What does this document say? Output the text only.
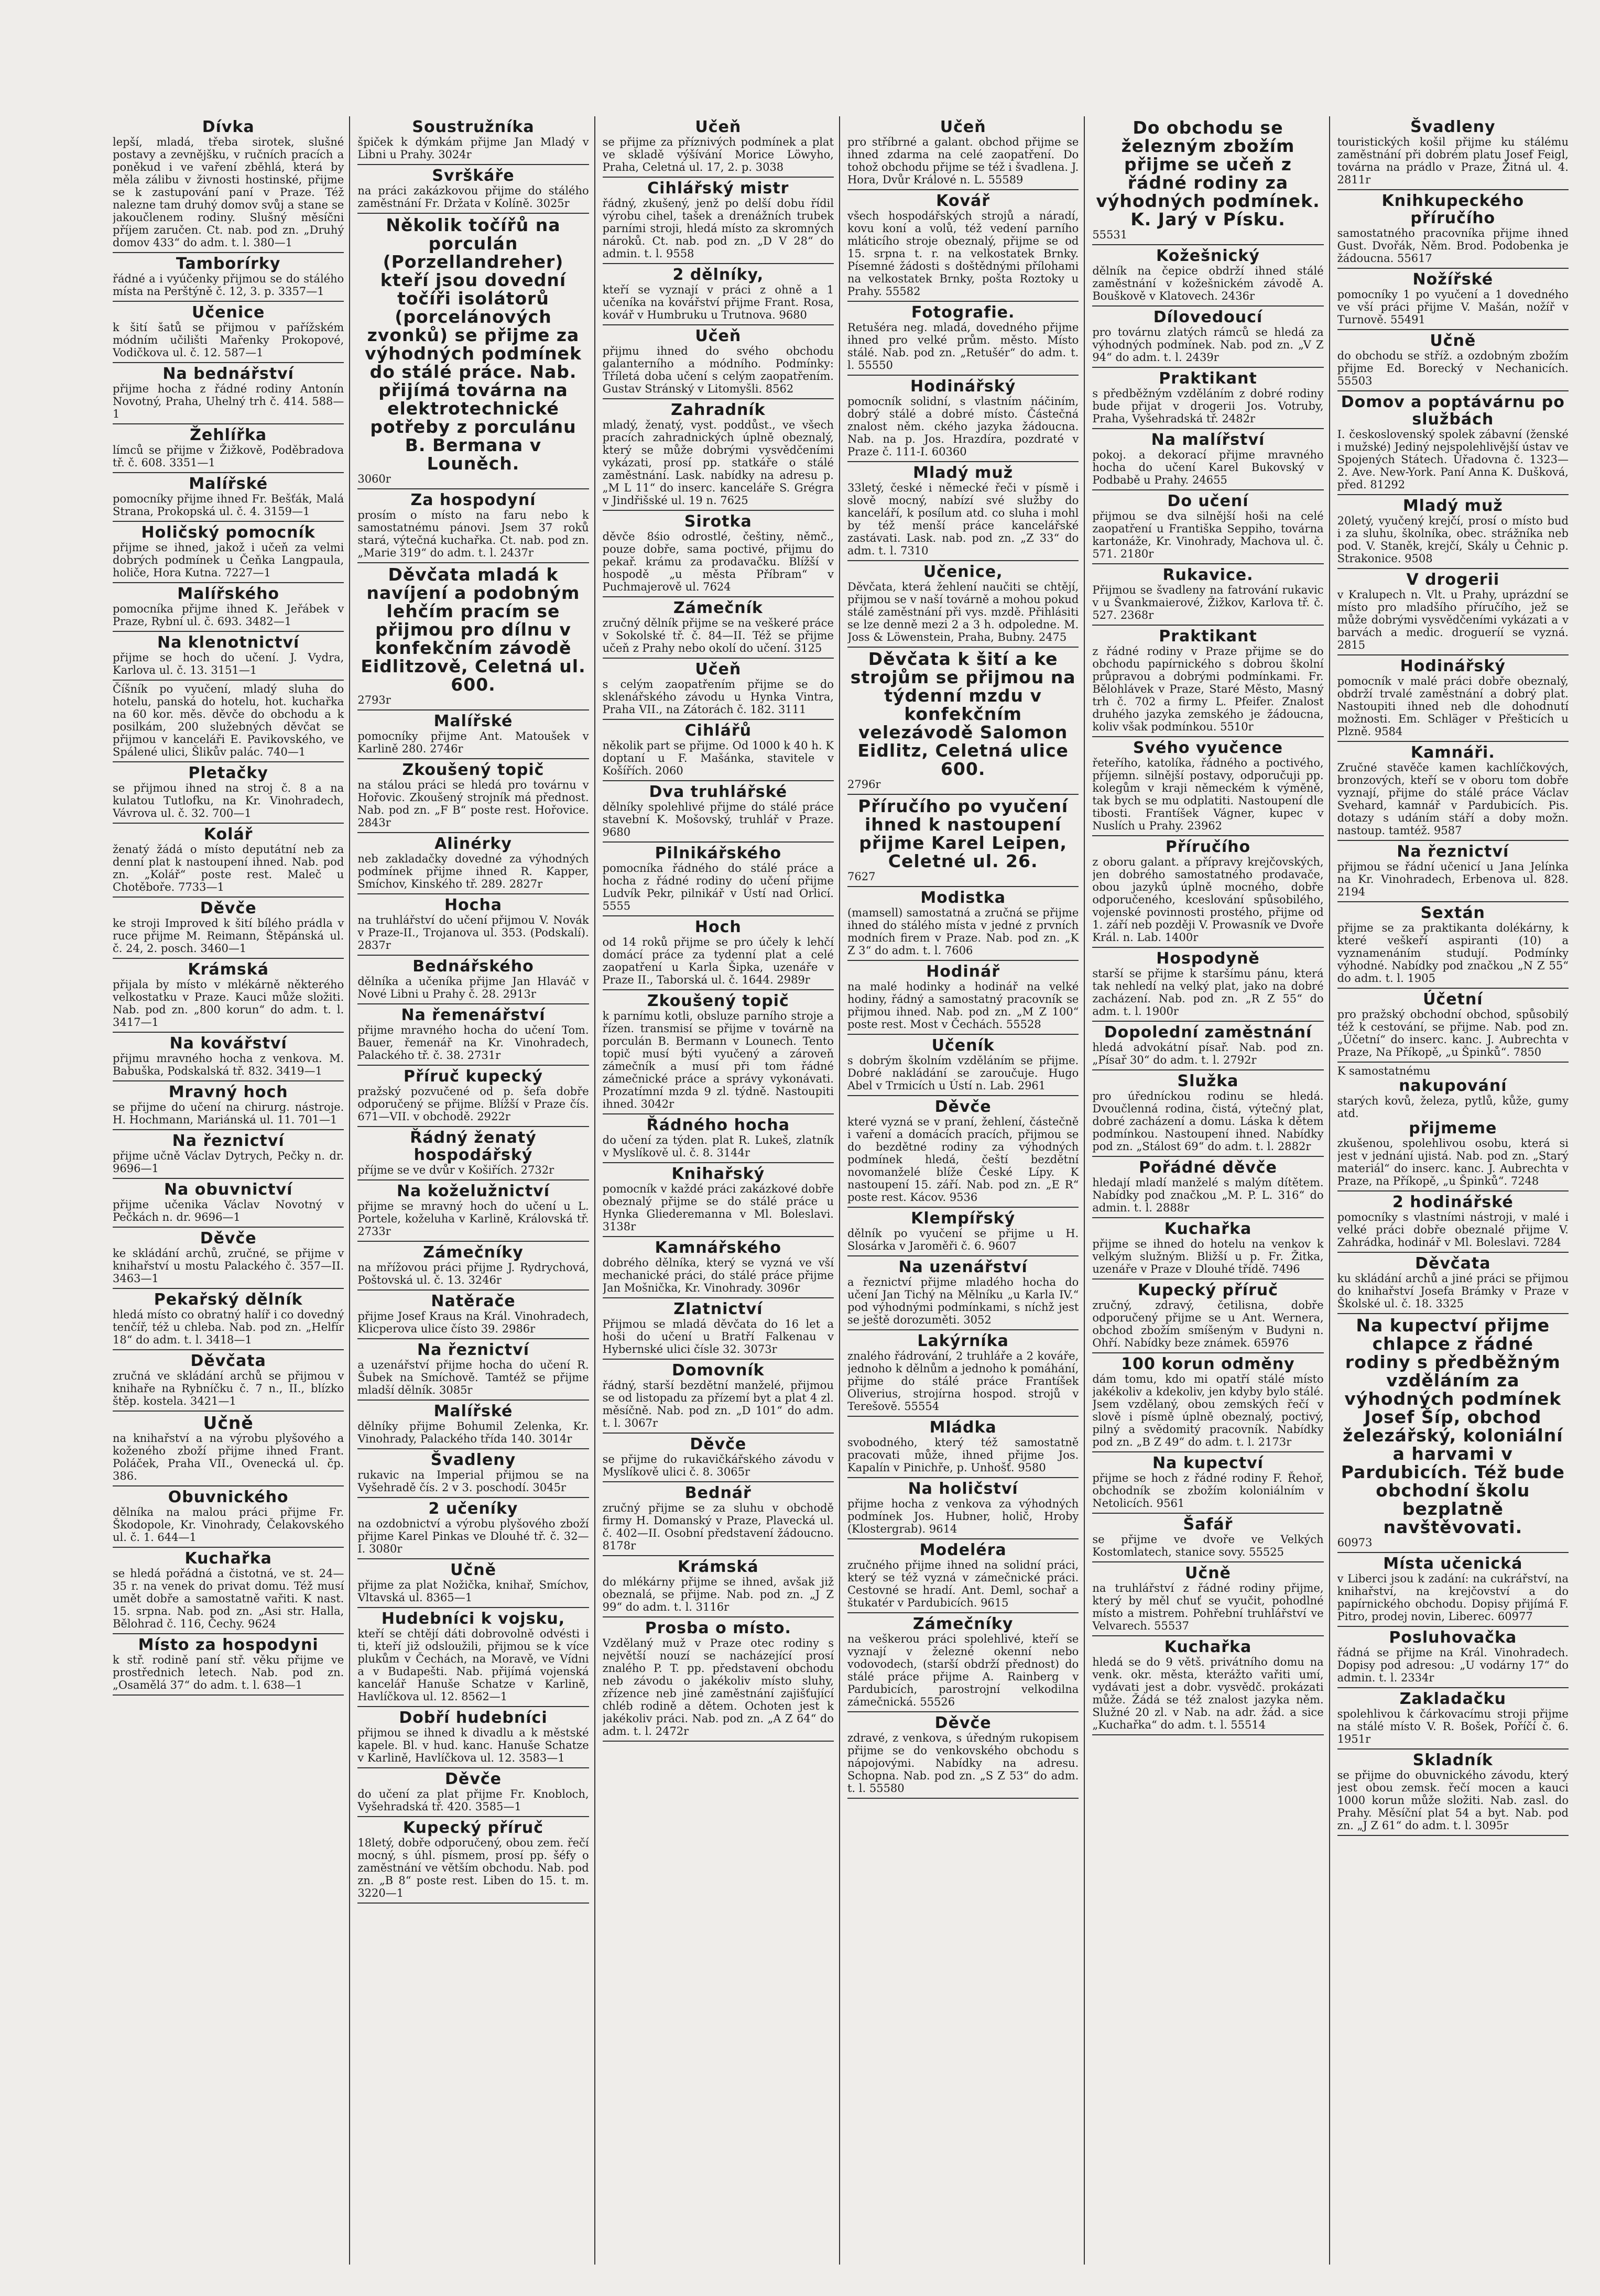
Dívka
lepší, mladá, třeba sirotek, slušné postavy a zevnějšku, v ručních pracích a poněkud i ve vaření zběhlá, která by měla zálibu v živnosti hostinské, přijme se k zastupování paní v Praze. Též nalezne tam druhý domov svůj a stane se jakoučlenem rodiny. Slušný měsíčni příjem zaručen. Ct. nab. pod zn. „Druhý domov 433“ do adm. t. l. 380—1
Tamborírky
řádné a i vyúčenky přijmou se do stálého místa na Perštýně č. 12, 3. p. 3357—1
Učenice
k šití šatů se přijmou v pařížském módním učilišti Mařenky Prokopové, Vodičkova ul. č. 12. 587—1
Na bednářství
přijme hocha z řádné rodiny Antonín Novotný, Praha, Uhelný trh č. 414. 588—1
Žehlířka
límců se přijme v Žižkově, Poděbradova tř. č. 608. 3351—1
Malířské
pomocníky přijme ihned Fr. Bešťák, Malá Strana, Prokopská ul. č. 4. 3159—1
Holičský pomocník
přijme se ihned, jakož i učeň za velmi dobrých podmínek u Čeňka Langpaula, holiče, Hora Kutna. 7227—1
Malířského
pomocníka přijme ihned K. Jeřábek v Praze, Rybní ul. č. 693. 3482—1
Na klenotnictví
přijme se hoch do učení. J. Vydra, Karlova ul. č. 13. 3151—1
Číšník po vyučení, mladý sluha do hotelu, panská do hotelu, hot. kuchařka na 60 kor. měs. děvče do obchodu a k posilkám, 200 služebných děvčat se přijmou v kanceláři E. Pavikovského, ve Spálené ulici, Šlikův palác. 740—1
Pletačky
se přijmou ihned na stroj č. 8 a na kulatou Tutlofku, na Kr. Vinohradech, Vávrova ul. č. 32. 700—1
Kolář
ženatý žádá o místo deputátní neb za denní plat k nastoupení ihned. Nab. pod zn. „Kolář“ poste rest. Maleč u Chotěboře. 7733—1
Děvče
ke stroji Improved k šití bílého prádla v ruce přijme M. Reimann, Štěpánská ul. č. 24, 2. posch. 3460—1
Krámská
přijala by místo v mlékárně některého velkostatku v Praze. Kauci může složiti. Nab. pod zn. „800 korun“ do adm. t. l. 3417—1
Na kovářství
přijmu mravného hocha z venkova. M. Babuška, Podskalská tř. 832. 3419—1
Mravný hoch
se přijme do učení na chirurg. nástroje. H. Hochmann, Mariánská ul. 11. 701—1
Na řeznictví
přijme učně Václav Dytrych, Pečky n. dr. 9696—1
Na obuvnictví
přijme učenika Václav Novotný v Pečkách n. dr. 9696—1
Děvče
ke skládání archů, zručné, se přijme v knihařství u mostu Palackého č. 357—II. 3463—1
Pekařský dělník
hledá místo co obratný halíř i co dovedný tenčíř, též u chleba. Nab. pod zn. „Helfír 18“ do adm. t. l. 3418—1
Děvčata
zručná ve skládání archů se přijmou v knihaře na Rybníčku č. 7 n., II., blízko štěp. kostela. 3421—1
Učně
na knihařství a na výrobu plyšového a koženého zboží přijme ihned Frant. Poláček, Praha VII., Ovenecká ul. čp. 386.
Obuvnického
dělníka na malou práci přijme Fr. Škodopole, Kr. Vinohrady, Čelakovského ul. č. 1. 644—1
Kuchařka
se hledá pořádná a čistotná, ve st. 24—35 r. na venek do privat domu. Též musí umět dobře a samostatně vařiti. K nast. 15. srpna. Nab. pod zn. „Asi str. Halla, Bělohrad č. 116, Čechy. 9624
Místo za hospodyni
k stř. rodině paní stř. věku přijme ve prostřednich letech. Nab. pod zn. „Osamělá 37“ do adm. t. l. 638—1
Soustružníka
špiček k dýmkám přijme Jan Mladý v Libni u Prahy. 3024r
Svrškáře
na práci zakázkovou přijme do stálého zaměstnání Fr. Držata v Kolíně. 3025r
Několik točířů na porculán (Porzellandreher) kteří jsou dovední točíři isolátorů (porcelánových zvonků) se přijme za výhodných podmínek do stálé práce. Nab. přijímá továrna na elektrotechnické potřeby z porculánu B. Bermana v Louněch.
3060r
Za hospodyní
prosím o místo na faru nebo k samostatnému pánovi. Jsem 37 roků stará, výtečná kuchařka. Ct. nab. pod zn. „Marie 319“ do adm. t. l. 2437r
Děvčata mladá k navíjení a podobným lehčím pracím se přijmou pro dílnu v konfekčním závodě Eidlitzově, Celetná ul. 600.
2793r
Malířské
pomocníky přijme Ant. Matoušek v Karlině 280. 2746r
Zkoušený topič
na stálou práci se hledá pro továrnu v Hořovic. Zkoušený strojník má přednost. Nab. pod zn. „F B“ poste rest. Hořovice. 2843r
Alinérky
neb zakladačky dovedné za výhodných podmínek přijme ihned R. Kapper, Smíchov, Kinského tř. 289. 2827r
Hocha
na truhlářství do učení přijmou V. Novák v Praze-II., Trojanova ul. 353. (Podskalí). 2837r
Bednářského
dělníka a učeníka přijme Jan Hlaváč v Nové Libni u Prahy č. 28. 2913r
Na řemenářství
přijme mravného hocha do učení Tom. Bauer, řemenář na Kr. Vinohradech, Palackého tř. č. 38. 2731r
Příruč kupecký
pražský pozvučené od p. šefa dobře odporučený se přijme. Blížší v Praze čís. 671—VII. v obchodě. 2922r
Řádný ženatý hospodářský
příjme se ve dvůr v Košiřích. 2732r
Na koželužnictví
přijme se mravný hoch do učení u L. Portele, koželuha v Karlině, Královská tř. 2733r
Zámečníky
na mřížovou práci přijme J. Rydrychová, Poštovská ul. č. 13. 3246r
Natěrače
přijme Josef Kraus na Král. Vinohradech, Klicperova ulice čísto 39. 2986r
Na řeznictví
a uzenářství přijme hocha do učení R. Šubek na Smíchově. Tamtéž se přijme mladší dělník. 3085r
Malířské
dělníky přijme Bohumil Zelenka, Kr. Vinohrady, Palackého třída 140. 3014r
Švadleny
rukavic na Imperial přijmou se na Vyšehradě čís. 2 v 3. poschodí. 3045r
2 učeníky
na ozdobnictví a výrobu plyšového zboží přijme Karel Pinkas ve Dlouhé tř. č. 32—I. 3080r
Učně
přijme za plat Nožička, knihař, Smíchov, Vltavská ul. 8365—1
Hudebníci k vojsku,
kteří se chtějí dáti dobrovolně odvésti i ti, kteří již odsloužili, přijmou se k více plukům v Čechách, na Moravě, ve Vídni a v Budapešti. Nab. přijímá vojenská kancelář Hanuše Schatze v Karlině, Havlíčkova ul. 12. 8562—1
Dobří hudebníci
přijmou se ihned k divadlu a k městské kapele. Bl. v hud. kanc. Hanuše Schatze v Karlině, Havlíčkova ul. 12. 3583—1
Děvče
do učení za plat přijme Fr. Knobloch, Vyšehradská tř. 420. 3585—1
Kupecký příruč
18letý, dobře odporučený, obou zem. řečí mocný, s úhl. písmem, prosí pp. šéfy o zaměstnání ve větším obchodu. Nab. pod zn. „B 8“ poste rest. Liben do 15. t. m. 3220—1
Učeň
se přijme za příznivých podmínek a plat ve skladě výšívání Morice Löwyho, Praha, Celetná ul. 17, 2. p. 3038
Cihlářský mistr
řádný, zkušený, jenž po delší dobu řídil výrobu cihel, tašek a drenážních trubek parními stroji, hledá místo za skromných nároků. Ct. nab. pod zn. „D V 28“ do admin. t. l. 9558
2 dělníky,
kteří se vyznají v práci z ohně a 1 učeníka na kovářství přijme Frant. Rosa, kovář v Humbruku u Trutnova. 9680
Učeň
přijmu ihned do svého obchodu galanterního a módního. Podmínky: Tříletá doba učení s celým zaopatřením. Gustav Stránský v Litomyšli. 8562
Zahradník
mladý, ženatý, vyst. poddůst., ve všech pracích zahradnických úplně obeznalý, který se může dobrými vysvědčeními vykázati, prosí pp. statkáře o stálé zaměstnání. Lask. nabídky na adresu p. „M L 11“ do inserc. kanceláře S. Grégra v Jindřišské ul. 19 n. 7625
Sirotka
děvče 8śio odrostlé, češtiny, němč., pouze dobře, sama poctivé, přijmu do pekař. krámu za prodavačku. Blížší v hospodě „u města Příbram“ v Puchmajerově ul. 7624
Zámečník
zručný dělník přijme se na veškeré práce v Sokolské tř. č. 84—II. Též se přijme učeň z Prahy nebo okolí do učení. 3125
Učeň
s celým zaopatřením přijme se do sklenářského závodu u Hynka Vintra, Praha VII., na Zátorách č. 182. 3111
Cihlářů
několik part se přijme. Od 1000 k 40 h. K doptaní u F. Mašánka, stavitele v Košířích. 2060
Dva truhlářské
dělníky spolehlivé přijme do stálé práce stavební K. Mošovský, truhlář v Praze. 9680
Pilnikářského
pomocníka řádného do stálé práce a hocha z řádné rodiny do učení přijme Ludvík Pekr, pilnikář v Ústí nad Orlicí. 5555
Hoch
od 14 roků přijme se pro účely k lehčí domácí práce za tydenní plat a celé zaopatření u Karla Šipka, uzenáře v Praze II., Taborská ul. č. 1644. 2989r
Zkoušený topič
k parnímu kotli, obsluze parního stroje a řízen. transmisí se přijme v továrně na porculán B. Bermann v Lounech. Tento topič musí býti vyučený a zároveň zámečník a musí při tom řádné zámečnické práce a správy vykonávati. Prozatímní mzda 9 zl. týdně. Nastoupiti ihned. 3042r
Řádného hocha
do učení za týden. plat R. Lukeš, zlatník v Myslíkově ul. č. 8. 3144r
Knihařský
pomocník v každé práci zakázkové dobře obeznalý přijme se do stálé práce u Hynka Gliederemanna v Ml. Boleslavi. 3138r
Kamnářského
dobrého dělníka, který se vyzná ve vší mechanické práci, do stálé práce přijme Jan Mošnička, Kr. Vinohrady. 3096r
Zlatnictví
Přijmou se mladá děvčata do 16 let a hoši do učení u Bratří Falkenau v Hybernské ulici čísle 32. 3073r
Domovník
řádný, starší bezdětní manželé, přijmou se od listopadu za přízemí byt a plat 4 zl. měsíčně. Nab. pod zn. „D 101“ do adm. t. l. 3067r
Děvče
se přijme do rukavičkářského závodu v Myslíkově ulici č. 8. 3065r
Bednář
zručný přijme se za sluhu v obchodě firmy H. Domanský v Praze, Plavecká ul. č. 402—II. Osobní představení žádoucno. 8178r
Krámská
do mlékárny přijme se ihned, avšak již obeznalá, se přijme. Nab. pod zn. „J Z 99“ do adm. t. l. 3116r
Prosba o místo.
Vzdělaný muž v Praze otec rodiny s největší nouzí se nacházející prosí znalého P. T. pp. představení obchodu neb závodu o jakékoliv místo sluhy, zřízence neb jiné zaměstnání zajišťující chléb rodině a dětem. Ochoten jest k jakékoliv práci. Nab. pod zn. „A Z 64“ do adm. t. l. 2472r
Učeň
pro stříbrné a galant. obchod přijme se ihned zdarma na celé zaopatření. Do tohož obchodu přijme se též i švadlena. J. Hora, Dvůr Králové n. L. 55589
Kovář
všech hospodářských strojů a náradí, kovu koní a volů, též vedení parního mláticího stroje obeznalý, přijme se od 15. srpna t. r. na velkostatek Brnky. Písemné žádosti s doštědnými přílohami na velkostatek Brnky, pošta Roztoky u Prahy. 55582
Fotografie.
Retušéra neg. mladá, dovedného přijme ihned pro velké prům. město. Místo stálé. Nab. pod zn. „Retušér“ do adm. t. l. 55550
Hodinářský
pomocník solidní, s vlastním náčiním, dobrý stálé a dobré místo. Částečná znalost něm. ckého jazyka žádoucna. Nab. na p. Jos. Hrazdíra, pozdraté v Praze č. 111-I. 60360
Mladý muž
33letý, české i německé řeči v písmě i slově mocný, nabízí své služby do kanceláří, k posílum atd. co sluha i mohl by též menší práce kancelářské zastávati. Lask. nab. pod zn. „Z 33“ do adm. t. l. 7310
Učenice,
Děvčata, která žehlení naučiti se chtějí, přijmou se v naší továrně a mohou pokud stálé zaměstnání při vys. mzdě. Přihlásiti se lze denně mezi 2 a 3 h. odpoledne. M. Joss & Löwenstein, Praha, Bubny. 2475
Děvčata k šití a ke strojům se přijmou na týdenní mzdu v konfekčním velezávodě Salomon Eidlitz, Celetná ulice 600.
2796r
Příručího po vyučení ihned k nastoupení přijme Karel Leipen, Celetné ul. 26.
7627
Modistka
(mamsell) samostatná a zručná se přijme ihned do stálého místa v jedné z prvních modních firem v Praze. Nab. pod zn. „K Z 3“ do adm. t. l. 7606
Hodinář
na malé hodinky a hodinář na velké hodiny, řádný a samostatný pracovník se přijmou ihned. Nab. pod zn. „M Z 100“ poste rest. Most v Čechách. 55528
Učeník
s dobrým školním vzděláním se přijme. Dobré nakládání se zaroučuje. Hugo Abel v Trmicích u Ústí n. Lab. 2961
Děvče
které vyzná se v praní, žehlení, částečně i vaření a domácích pracích, přijmou se do bezdětné rodiny za výhodných podmínek hledá, čeští bezdětní novomanželé blíže České Lípy. K nastoupení 15. září. Nab. pod zn. „E R“ poste rest. Kácov. 9536
Klempířský
dělník po vyučení se přijme u H. Slosárka v Jaroměři č. 6. 9607
Na uzenářství
a řeznictví přijme mladého hocha do učení Jan Tichý na Mělníku „u Karla IV.“ pod výhodnými podmínkami, s níchž jest se ještě dorozuměti. 3052
Lakýrníka
znalého řádrování, 2 truhláře a 2 kováře, jednoho k dělnům a jednoho k pomáhání, přijme do stálé práce Frantíšek Oliverius, strojírna hospod. strojů v Terešově. 55554
Mládka
svobodného, který též samostatně pracovati může, ihned přijme Jos. Kapalín v Pinichře, p. Unhošť. 9580
Na holičství
přijme hocha z venkova za výhodných podmínek Jos. Hubner, holič, Hroby (Klostergrab). 9614
Modeléra
zručného přijme ihned na solidní práci, který se též vyzná v zámečnické práci. Cestovné se hradí. Ant. Deml, sochař a štukatér v Pardubicích. 9615
Zámečníky
na veškerou práci spolehlivé, kteří se vyznají v železné okenní nebo vodovodech, (starší obdrží přednost) do stálé práce přijme A. Rainberg v Pardubicích, parostrojní velkodilna zámečnická. 55526
Děvče
zdravé, z venkova, s úředným rukopisem přijme se do venkovského obchodu s nápojovými. Nabídky na adresu. Schopna. Nab. pod zn. „S Z 53“ do adm. t. l. 55580
Do obchodu se železným zbožím přijme se učeň z řádné rodiny za výhodných podmínek. K. Jarý v Písku.
55531
Kožešnický
dělník na čepice obdrží ihned stálé zaměstnání v kožešnickém závodě A. Bouškově v Klatovech. 2436r
Dílovedoucí
pro továrnu zlatých rámců se hledá za výhodných podmínek. Nab. pod zn. „V Z 94“ do adm. t. l. 2439r
Praktikant
s předběžným vzděláním z dobré rodiny bude přijat v drogerii Jos. Votruby, Praha, Vyšehradská tř. 2482r
Na malířství
pokoj. a dekorací přijme mravného hocha do učení Karel Bukovský v Podbabě u Prahy. 24655
Do učení
přijmou se dva silnější hoši na celé zaopatření u Františka Seppiho, továrna kartonáže, Kr. Vinohrady, Machova ul. č. 571. 2180r
Rukavice.
Přijmou se švadleny na fatrování rukavic v u Švankmaierové, Žižkov, Karlova tř. č. 527. 2368r
Praktikant
z řádné rodiny v Praze přijme se do obchodu papírnického s dobrou školní průpravou a dobrými podmínkami. Fr. Bělohlávek v Praze, Staré Město, Masný trh č. 702 a firmy L. Pfeifer. Znalost druhého jazyka zemského je žádoucna, koliv však podmínkou. 5510r
Svého vyučence
řeteřího, katolíka, řádného a poctivého, příjemn. silnější postavy, odporučuji pp. kolegům v kraji německém k výměně, tak bych se mu odplatiti. Nastoupení dle tibosti. Frantíšek Vágner, kupec v Nuslích u Prahy. 23962
Příručího
z oboru galant. a přípravy krejčovských, jen dobrého samostatného prodavače, obou jazyků úplně mocného, dobře odporučeného, kceslování spůsobilého, vojenské povinnosti prostého, přijme od 1. září neb později V. Prowasník ve Dvoře Král. n. Lab. 1400r
Hospodyně
starší se přijme k staršímu pánu, která tak nehledí na velký plat, jako na dobré zacházení. Nab. pod zn. „R Z 55“ do adm. t. l. 1900r
Dopolední zaměstnání
hledá advokátní písař. Nab. pod zn. „Písař 30“ do adm. t. l. 2792r
Služka
pro úředníckou rodinu se hledá. Dvoučlenná rodina, čistá, výtečný plat, dobré zacházení a domu. Láska k dětem podmínkou. Nastoupení ihned. Nabídky pod zn. „Stálost 69“ do adm. t. l. 2882r
Pořádné děvče
hledají mladí manželé s malým dítětem. Nabídky pod značkou „M. P. L. 316“ do admin. t. l. 2888r
Kuchařka
přijme se ihned do hotelu na venkov k velkým služným. Bližší u p. Fr. Žitka, uzenáře v Praze v Dlouhé třídě. 7496
Kupecký příruč
zručný, zdravý, četilisna, dobře odporučený přijme se u Ant. Wernera, obchod zbožím smíšeným v Budyni n. Ohří. Nabídky beze známek. 65976
100 korun odměny
dám tomu, kdo mi opatří stálé místo jakékoliv a kdekoliv, jen kdyby bylo stálé. Jsem vzdělaný, obou zemských řečí v slově i písmě úplně obeznalý, poctivý, pilný a svědomitý pracovník. Nabídky pod zn. „B Z 49“ do adm. t. l. 2173r
Na kupectví
přijme se hoch z řádné rodiny F. Řehoř, obchodník se zbožím koloniálním v Netolicích. 9561
Šafář
se přijme ve dvoře ve Velkých Kostomlatech, stanice sovy. 55525
Učně
na truhlářství z řádné rodiny přijme, který by měl chuť se vyučit, pohodlné místo a mistrem. Pohřební truhlářství ve Velvarech. 55537
Kuchařka
hledá se do 9 větš. privátního domu na venk. okr. města, kterážto vařiti umí, vydávati jest a dobr. vysvědč. prokázati může. Žádá se též znalost jazyka něm. Služné 20 zl. v Nab. na adr. žád. a sice „Kuchařka“ do adm. t. l. 55514
Švadleny
touristických košil přijme ku stálému zaměstnání při dobrém platu Josef Feigl, továrna na prádlo v Praze, Žitná ul. 4. 2811r
Knihkupeckého příručího
samostatného pracovníka přijme ihned Gust. Dvořák, Něm. Brod. Podobenka je žádoucna. 55617
Nožířské
pomocníky 1 po vyučení a 1 dovedného ve vší práci přijme V. Mašán, nožíř v Turnově. 55491
Učně
do obchodu se stříž. a ozdobným zbožím přijme Ed. Borecký v Nechanicích. 55503
Domov a poptávárnu po službách
I. československý spolek zábavní (ženské i mužské) Jediný nejspolehlivější ústav ve Spojených Státech. Úřadovna č. 1323—2. Ave. New-York. Paní Anna K. Dušková, před. 81292
Mladý muž
20letý, vyučený krejčí, prosí o místo bud i za sluhu, školníka, obec. strážníka neb pod. V. Staněk, krejčí, Skály u Čehnic p. Strakonice. 9508
V drogerii
v Kralupech n. Vlt. u Prahy, uprázdní se místo pro mladšího příručího, jež se může dobrými vysvědčeními vykázati a v barvách a medic. drogueríí se vyzná. 2815
Hodinářský
pomocník v malé práci dobře obeznalý, obdrží trvalé zaměstnání a dobrý plat. Nastoupiti ihned neb dle dohodnutí možnosti. Em. Schläger v Přešticích u Plzně. 9584
Kamnáři.
Zručné stavěče kamen kachlíčkových, bronzových, kteří se v oboru tom dobře vyznají, přijme do stálé práce Václav Svehard, kamnář v Pardubicích. Pis. dotazy s udáním stáří a doby možn. nastoup. tamtéž. 9587
Na řeznictví
přijmou se řádní učenicí u Jana Jelínka na Kr. Vinohradech, Erbenova ul. 828. 2194
Sextán
přijme se za praktikanta dolékárny, k které veškeří aspiranti (10) a vyznamenáním studují. Podmínky výhodné. Nabídky pod značkou „N Z 55“ do adm. t. l. 1905
Účetní
pro pražský obchodní obchod, spůsobilý též k cestování, se přijme. Nab. pod zn. „Účetní“ do inserc. kanc. J. Aubrechta v Praze, Na Příkopě, „u Špinků“. 7850
K samostatnému
nakupování
starých kovů, železa, pytlů, kůže, gumy atd.
přijmeme
zkušenou, spolehlivou osobu, která si jest v jednání ujistá. Nab. pod zn. „Starý materiál“ do inserc. kanc. J. Aubrechta v Praze, na Příkopě, „u Špinků“. 7248
2 hodinářské
pomocníky s vlastními nástroji, v malé i velké práci dobře obeznalé přijme V. Zahrádka, hodinář v Ml. Boleslavi. 7284
Děvčata
ku skládání archů a jiné práci se přijmou do knihařství Josefa Brámky v Praze v Školské ul. č. 18. 3325
Na kupectví přijme chlapce z řádné rodiny s předběžným vzděláním za výhodných podmínek Josef Šíp, obchod železářský, koloniální a harvami v Pardubicích. Též bude obchodní školu bezplatně navštěvovati.
60973
Místa učenická
v Liberci jsou k zadání: na cukrářství, na knihařství, na krejčovství a do papírnického obchodu. Dopisy přijímá F. Pitro, prodej novin, Liberec. 60977
Posluhovačka
řádná se přijme na Král. Vinohradech. Dopisy pod adresou: „U vodárny 17“ do admin. t. l. 2334r
Zakladačku
spolehlivou k čárkovacímu stroji přijme na stálé místo V. R. Bošek, Poříčí č. 6. 1951r
Skladník
se přijme do obuvnického závodu, který jest obou zemsk. řečí mocen a kauci 1000 korun může složiti. Nab. zasl. do Prahy. Měsíční plat 54 a byt. Nab. pod zn. „J Z 61“ do adm. t. l. 3095r
